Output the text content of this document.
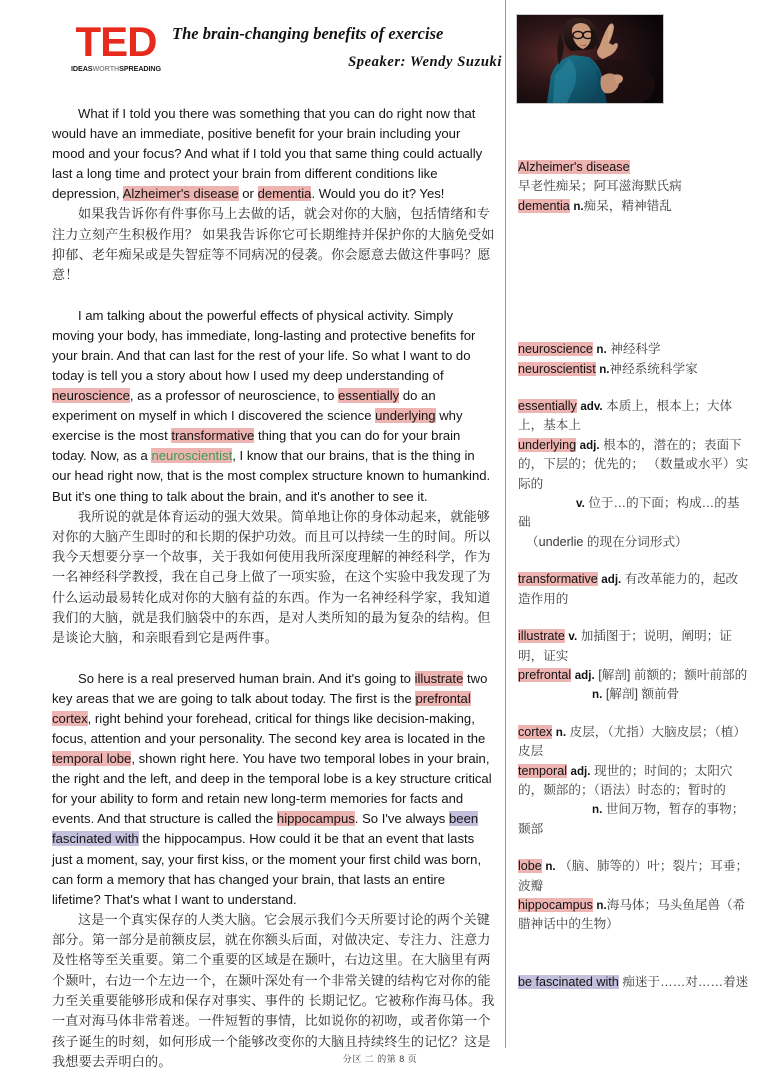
TED
IDEASWORTHSPREADING
The brain-changing benefits of exercise
Speaker: Wendy Suzuki

What if I told you there was something that you can do right now that would have an immediate, positive benefit for your brain including your mood and your focus? And what if I told you that same thing could actually last a long time and protect your brain from different conditions like depression, Alzheimer's disease or dementia. Would you do it? Yes!

如果我告诉你有件事你马上去做的话，就会对你的大脑，包括情绪和专注力立刻产生积极作用？ 如果我告诉你它可长期维持并保护你的大脑免受如抑郁、老年痴呆或是失智症等不同病况的侵袭。你会愿意去做这件事吗？愿意！

I am talking about the powerful effects of physical activity. Simply moving your body, has immediate, long-lasting and protective benefits for your brain. And that can last for the rest of your life. So what I want to do today is tell you a story about how I used my deep understanding of neuroscience, as a professor of neuroscience, to essentially do an experiment on myself in which I discovered the science underlying why exercise is the most transformative thing that you can do for your brain today. Now, as a neuroscientist, I know that our brains, that is the thing in our head right now, that is the most complex structure known to humankind. But it's one thing to talk about the brain, and it's another to see it.

我所说的就是体育运动的强大效果。简单地让你的身体动起来，就能够对你的大脑产生即时的和长期的保护功效。而且可以持续一生的时间。所以我今天想要分享一个故事，关于我如何使用我所深度理解的神经科学，作为一名神经科学教授，我在自己身上做了一项实验，在这个实验中我发现了为什么运动最易转化成对你的大脑有益的东西。作为一名神经科学家，我知道我们的大脑，就是我们脑袋中的东西，是对人类所知的最为复杂的结构。但是谈论大脑，和亲眼看到它是两件事。

So here is a real preserved human brain. And it's going to illustrate two key areas that we are going to talk about today. The first is the prefrontal cortex, right behind your forehead, critical for things like decision-making, focus, attention and your personality. The second key area is located in the temporal lobe, shown right here. You have two temporal lobes in your brain, the right and the left, and deep in the temporal lobe is a key structure critical for your ability to form and retain new long-term memories for facts and events. And that structure is called the hippocampus. So I've always been fascinated with the hippocampus. How could it be that an event that lasts just a moment, say, your first kiss, or the moment your first child was born, can form a memory that has changed your brain, that lasts an entire lifetime? That's what I want to understand.

这是一个真实保存的人类大脑。它会展示我们今天所要讨论的两个关键部分。第一部分是前额皮层，就在你额头后面，对做决定、专注力、注意力及性格等至关重要。第二个重要的区域是在颞叶，右边这里。在大脑里有两个颞叶，右边一个左边一个，在颞叶深处有一个非常关键的结构它对你的能力至关重要能够形成和保存对事实、事件的 长期记忆。它被称作海马体。我一直对海马体非常着迷。一件短暂的事情，比如说你的初吻，或者你第一个孩子诞生的时刻，如何形成一个能够改变你的大脑且持续终生的记忆？这是我想要去弄明白的。

Alzheimer's disease
早老性痴呆；阿耳滋海默氏病
dementia n.痴呆，精神错乱
neuroscience n. 神经科学
neuroscientist n.神经系统科学家
essentially adv. 本质上，根本上；大体上，基本上
underlying adj. 根本的，潜在的；表面下的，下层的；优先的； （数量或水平）实际的
v. 位于…的下面；构成…的基础
（underlie 的现在分词形式）
transformative adj. 有改革能力的，起改造作用的
illustrate v. 加插图于；说明，阐明；证明，证实
prefrontal adj. [解剖] 前额的；额叶前部的
n. [解剖] 额前骨
cortex n. 皮层，（尤指）大脑皮层；（植）皮层
temporal adj. 现世的；时间的；太阳穴的，颞部的；（语法）时态的；暂时的
n. 世间万物，暂存的事物；颞部
lobe n. （脑、肺等的）叶；裂片；耳垂；波瓣
hippocampus n.海马体；马头鱼尾兽（希腊神话中的生物）
be fascinated with 痴迷于……对……着迷
分区 二 的第 8 页
